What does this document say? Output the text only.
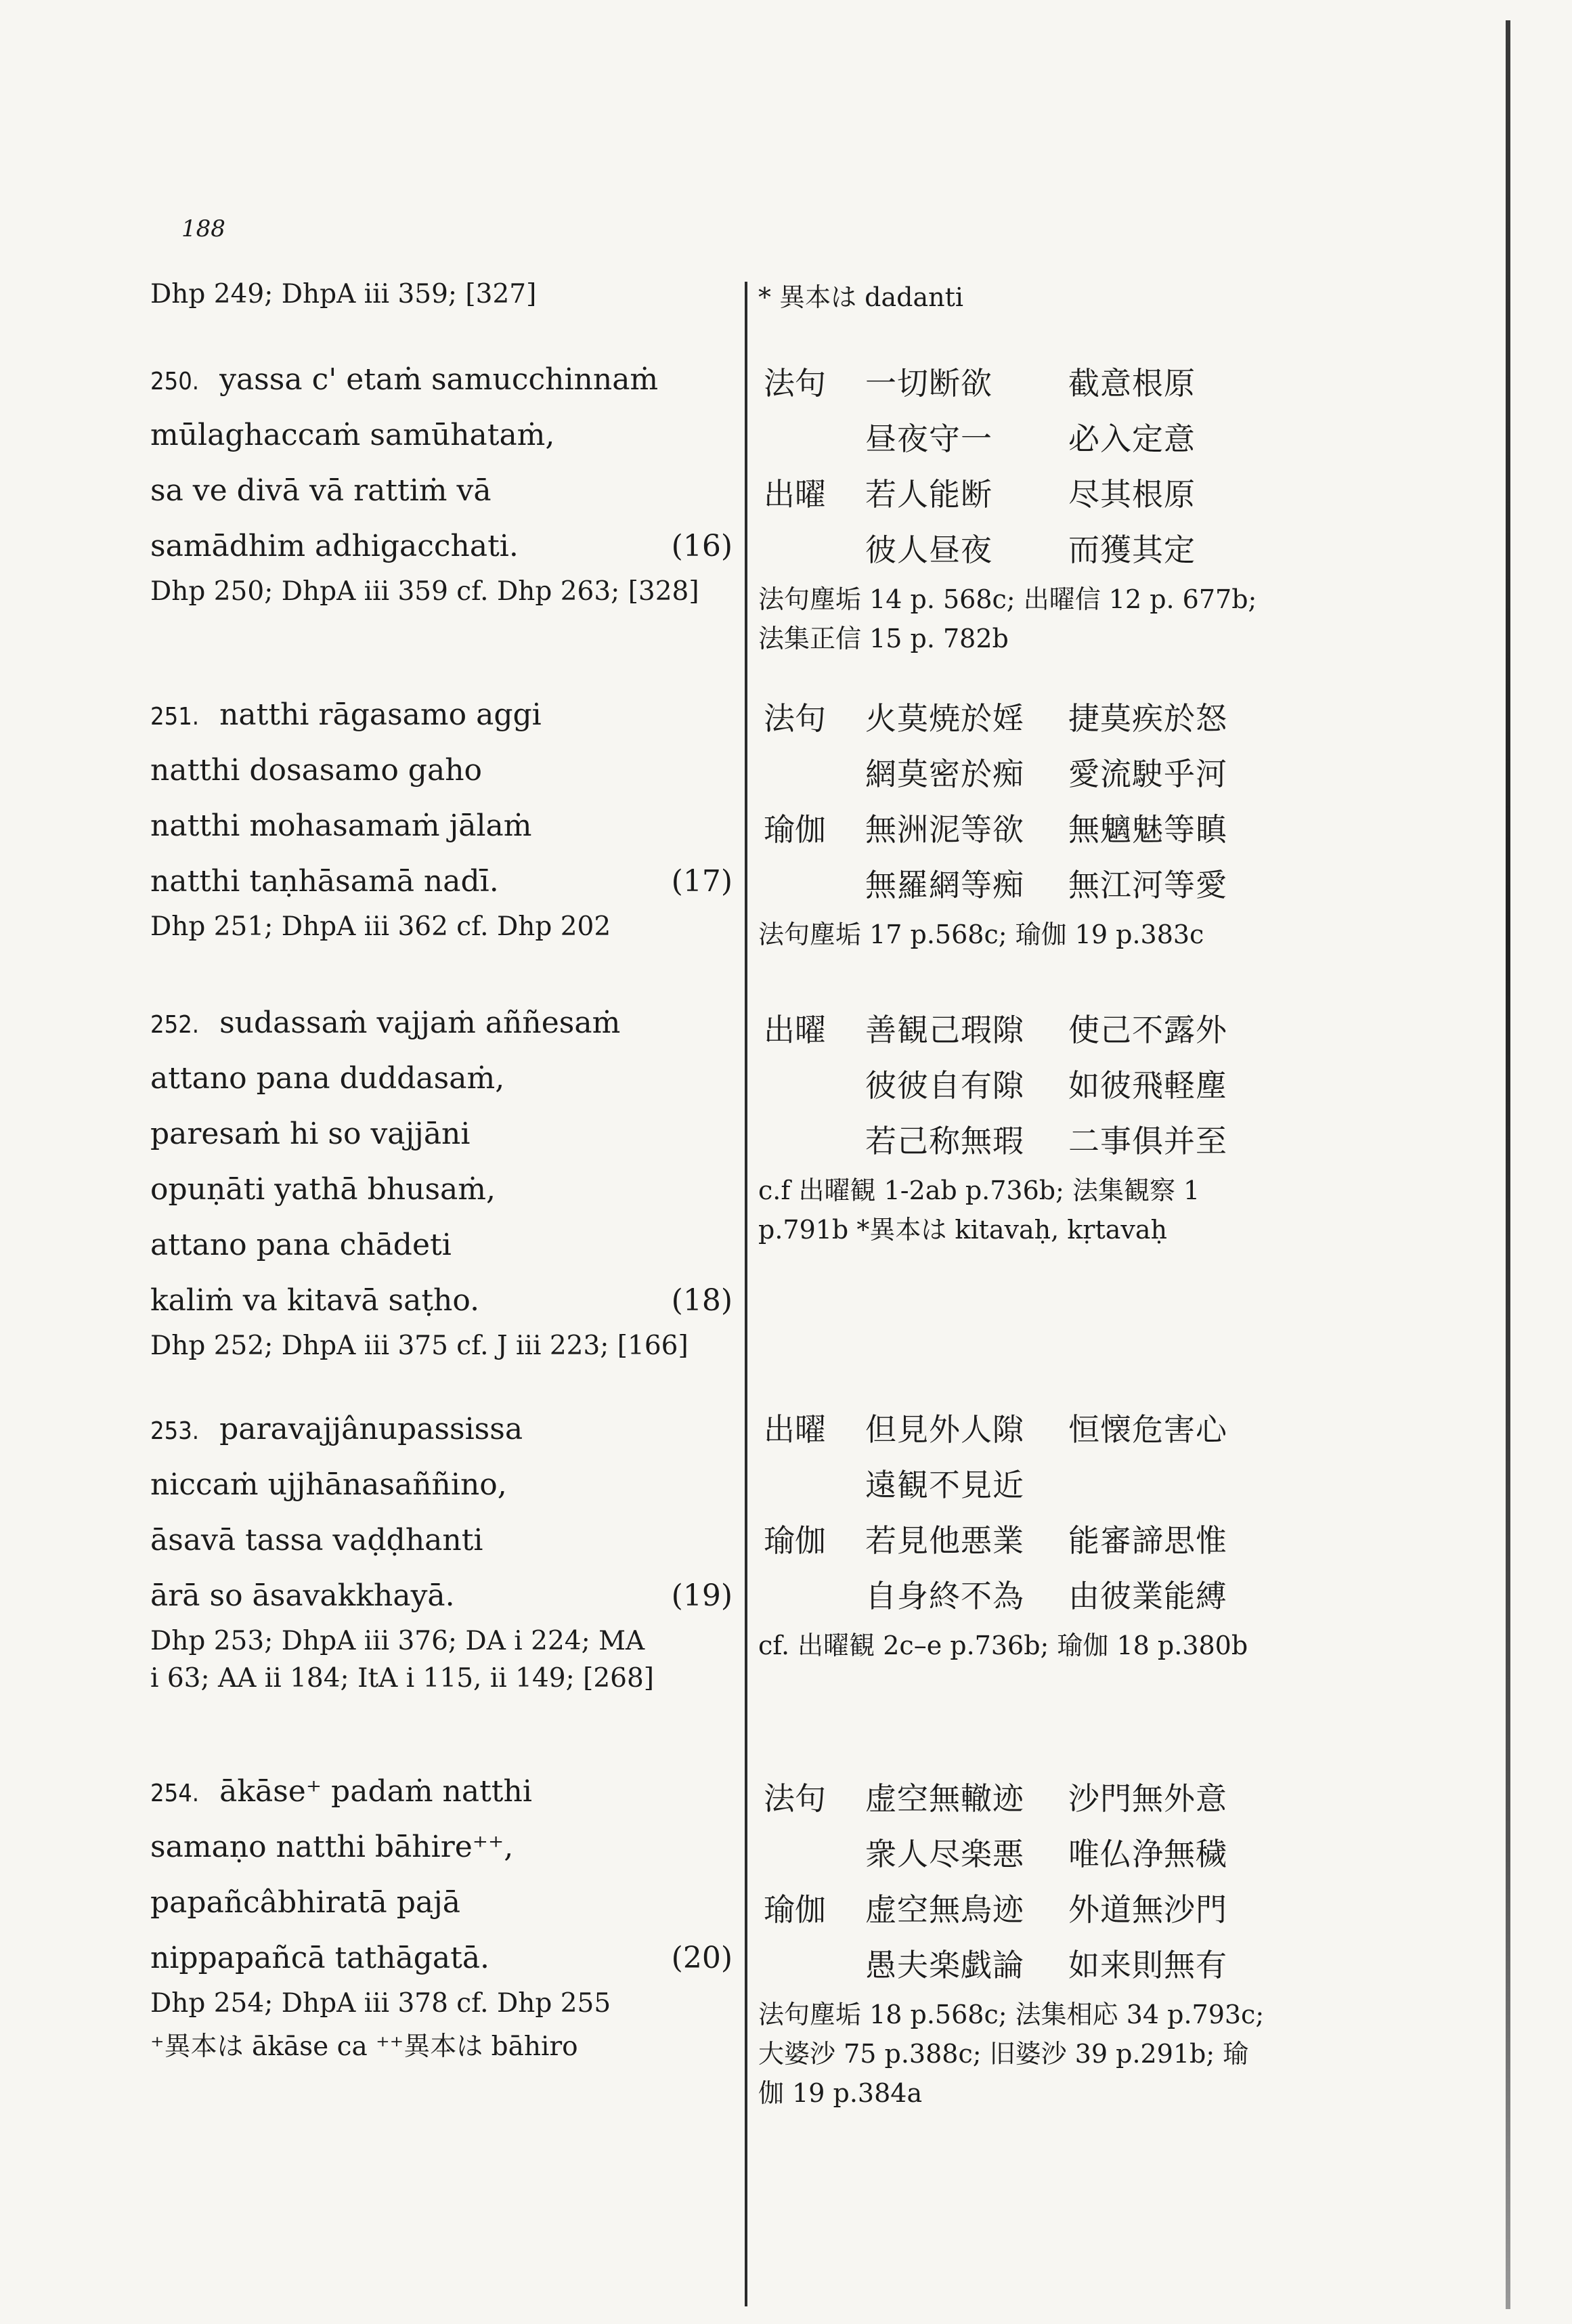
188
Dhp 249; DhpA iii 359; [327]	* 異本は dadanti
250. yassa c' etaṁ samucchinnaṁ
mūlaghaccaṁ samūhataṁ,
sa ve divā vā rattiṁ vā
samādhim adhigacchati.	(16)
Dhp 250; DhpA iii 359 cf. Dhp 263; [328]
251. natthi rāgasamo aggi
natthi dosasamo gaho
natthi mohasamaṁ jālaṁ
natthi taṇhāsamā nadī.	(17)
Dhp 251; DhpA iii 362 cf. Dhp 202
252. sudassaṁ vajjaṁ aññesaṁ
attano pana duddasaṁ,
paresaṁ hi so vajjāni
opuṇāti yathā bhusaṁ,
attano pana chādeti
kaliṁ va kitavā saṭho.	(18)
Dhp 252; DhpA iii 375 cf. J iii 223; [166]
253. paravajjânupassissa
niccaṁ ujjhānasaññino,
āsavā tassa vaḍḍhanti
ārā so āsavakkhayā.	(19)
Dhp 253; DhpA iii 376; DA i 224; MA
i 63; AA ii 184; ItA i 115, ii 149; [268]
254. ākāse⁺ padaṁ natthi
samaṇo natthi bāhire⁺⁺,
papañcâbhiratā pajā
nippapañcā tathāgatā.	(20)
Dhp 254; DhpA iii 378 cf. Dhp 255
⁺異本は ākāse ca ⁺⁺異本は bāhiro
法句 一切断欲 截意根原
昼夜守一 必入定意
出曜 若人能断 尽其根原
彼人昼夜 而獲其定
法句塵垢 14 p. 568c; 出曜信 12 p. 677b;
法集正信 15 p. 782b
法句 火莫焼於婬 捷莫疾於怒
網莫密於痴 愛流駛乎河
瑜伽 無洲泥等欲 無魑魅等瞋
無羅網等痴 無江河等愛
法句塵垢 17 p.568c; 瑜伽 19 p.383c
出曜 善観己瑕隙 使己不露外
彼彼自有隙 如彼飛軽塵
若己称無瑕 二事俱并至
c.f 出曜観 1-2ab p.736b; 法集観察 1
p.791b *異本は kitavaḥ, kṛtavaḥ
出曜 但見外人隙 恒懐危害心
遠観不見近
瑜伽 若見他悪業 能審諦思惟
自身終不為 由彼業能縛
cf. 出曜観 2c–e p.736b; 瑜伽 18 p.380b
法句 虚空無轍迹 沙門無外意
衆人尽楽悪 唯仏浄無穢
瑜伽 虚空無鳥迹 外道無沙門
愚夫楽戯論 如来則無有
法句塵垢 18 p.568c; 法集相応 34 p.793c;
大婆沙 75 p.388c; 旧婆沙 39 p.291b; 瑜
伽 19 p.384a
